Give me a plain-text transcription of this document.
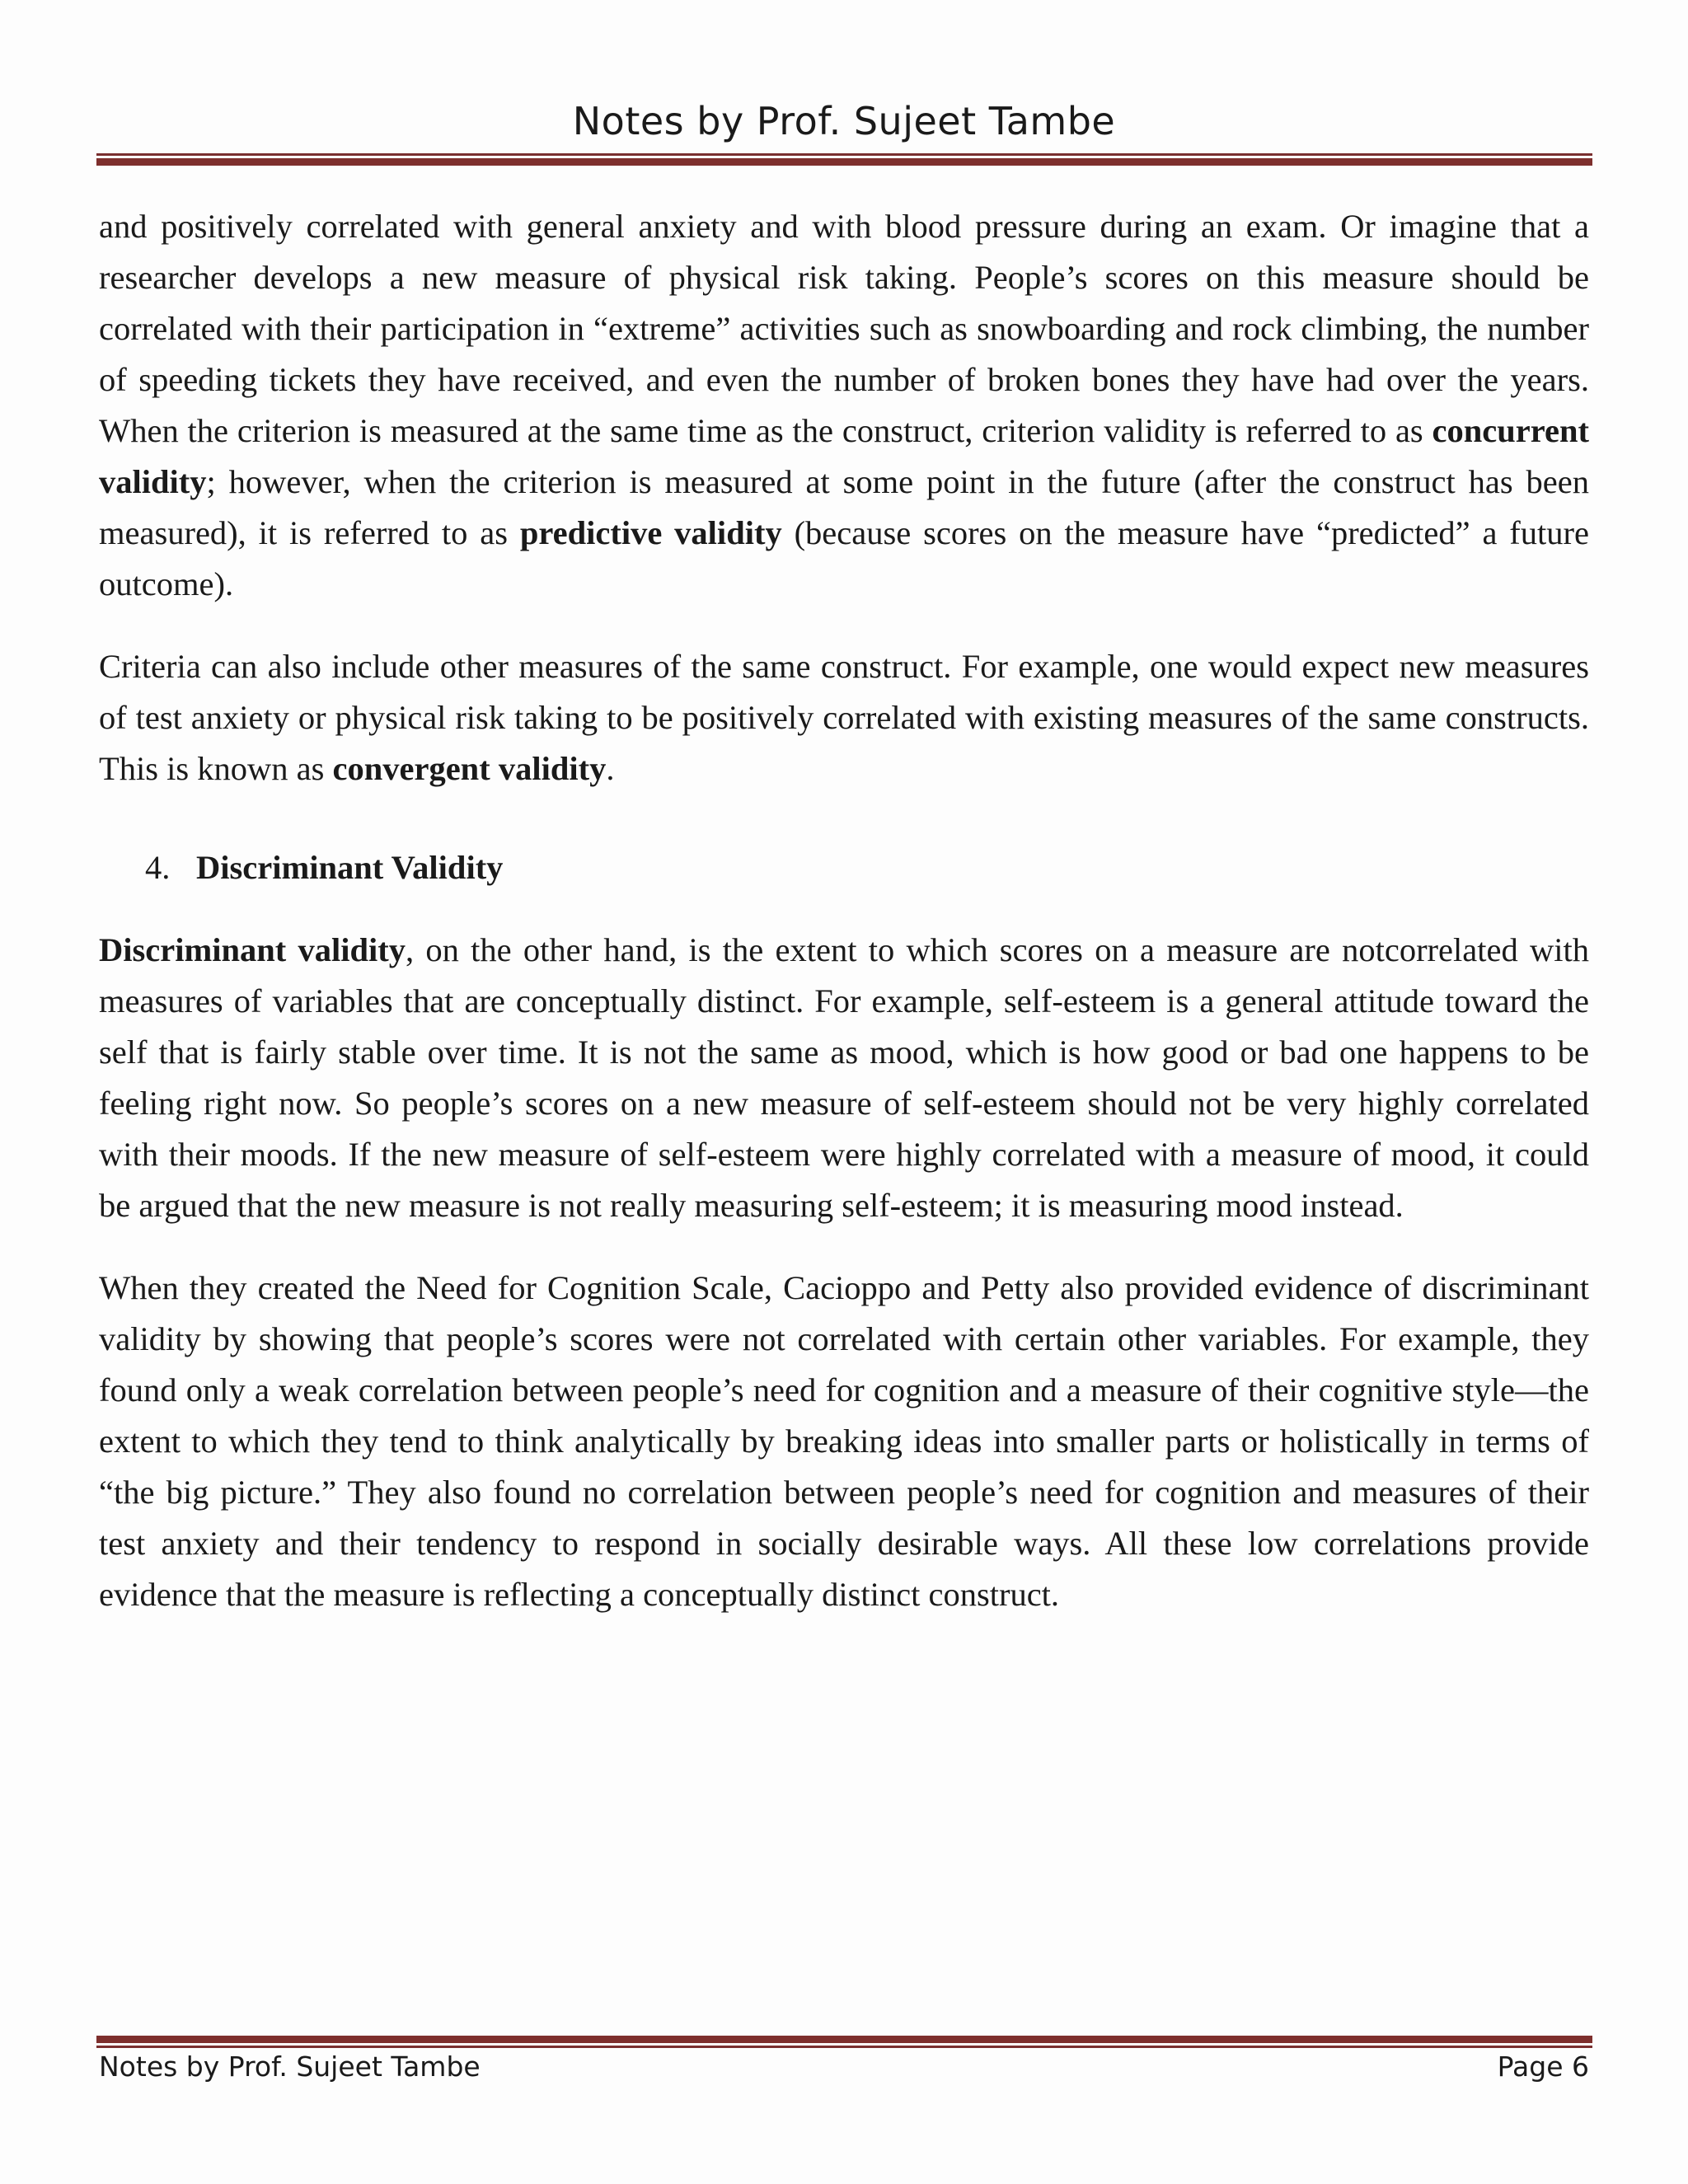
Notes by Prof. Sujeet Tambe

and positively correlated with general anxiety and with blood pressure during an exam. Or imagine that a researcher develops a new measure of physical risk taking. People’s scores on this measure should be correlated with their participation in “extreme” activities such as snowboarding and rock climbing, the number of speeding tickets they have received, and even the number of broken bones they have had over the years. When the criterion is measured at the same time as the construct, criterion validity is referred to as concurrent validity; however, when the criterion is measured at some point in the future (after the construct has been measured), it is referred to as predictive validity (because scores on the measure have “predicted” a future outcome).

Criteria can also include other measures of the same construct. For example, one would expect new measures of test anxiety or physical risk taking to be positively correlated with existing measures of the same constructs. This is known as convergent validity.

4. Discriminant Validity

Discriminant validity, on the other hand, is the extent to which scores on a measure are notcorrelated with measures of variables that are conceptually distinct. For example, self-esteem is a general attitude toward the self that is fairly stable over time. It is not the same as mood, which is how good or bad one happens to be feeling right now. So people’s scores on a new measure of self-esteem should not be very highly correlated with their moods. If the new measure of self-esteem were highly correlated with a measure of mood, it could be argued that the new measure is not really measuring self-esteem; it is measuring mood instead.

When they created the Need for Cognition Scale, Cacioppo and Petty also provided evidence of discriminant validity by showing that people’s scores were not correlated with certain other variables. For example, they found only a weak correlation between people’s need for cognition and a measure of their cognitive style—the extent to which they tend to think analytically by breaking ideas into smaller parts or holistically in terms of “the big picture.” They also found no correlation between people’s need for cognition and measures of their test anxiety and their tendency to respond in socially desirable ways. All these low correlations provide evidence that the measure is reflecting a conceptually distinct construct.

Notes by Prof. Sujeet Tambe	Page 6
